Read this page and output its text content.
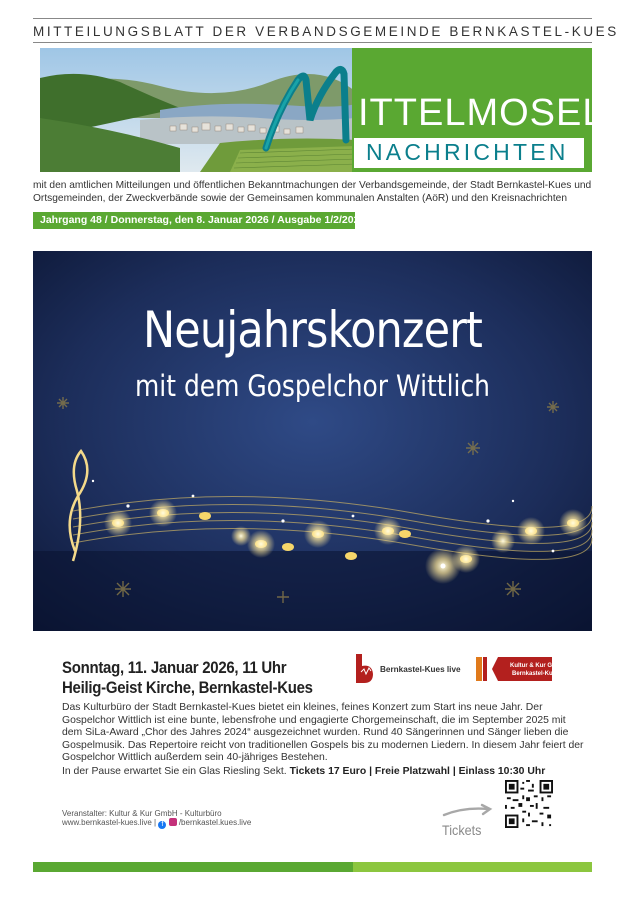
MITTEILUNGSBLATT DER VERBANDSGEMEINDE BERNKASTEL-KUES
ITTELMOSEL
NACHRICHTEN
mit den amtlichen Mitteilungen und öffentlichen Bekanntmachungen der Verbandsgemeinde, der Stadt Bernkastel-Kues und Ortsgemeinden, der Zweckverbände sowie der Gemeinsamen kommunalen Anstalten (AöR) und den Kreisnachrichten
Jahrgang 48 / Donnerstag, den 8. Januar 2026 / Ausgabe 1/2/2026
Neujahrskonzert
mit dem Gospelchor Wittlich
Sonntag, 11. Januar 2026, 11 Uhr
Heilig-Geist Kirche, Bernkastel-Kues
Bernkastel-Kues live	Kultur & Kur GmbH
Bernkastel-Kues
Das Kulturbüro der Stadt Bernkastel-Kues bietet ein kleines, feines Konzert zum Start ins neue Jahr. Der Gospelchor Wittlich ist eine bunte, lebensfrohe und engagierte Chorgemeinschaft, die im September 2025 mit dem SiLa-Award „Chor des Jahres 2024“ ausgezeichnet wurden. Rund 40 Sängerinnen und Sänger lieben die Gospelmusik. Das Repertoire reicht von traditionellen Gospels bis zu modernen Liedern. In diesem Jahr feiert der Gospelchor Wittlich außerdem sein 40-jähriges Bestehen.
In der Pause erwartet Sie ein Glas Riesling Sekt. Tickets 17 Euro | Freie Platzwahl | Einlass 10:30 Uhr
Veranstalter: Kultur & Kur GmbH - Kulturbüro
www.bernkastel-kues.live | f /bernkastel.kues.live	Tickets
